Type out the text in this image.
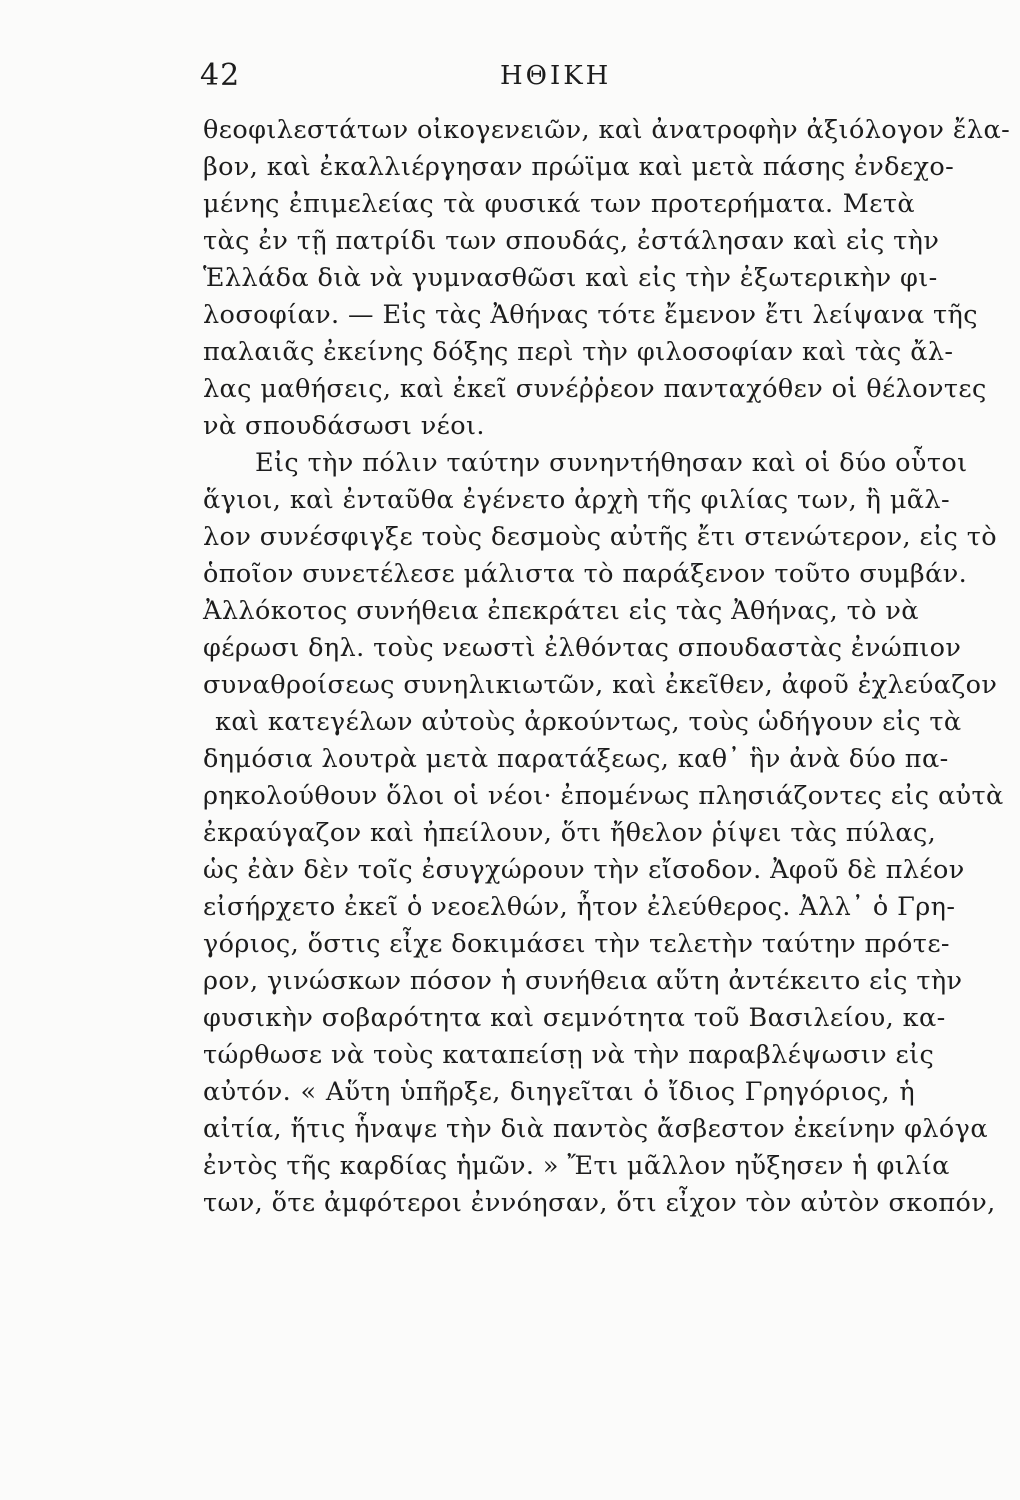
42	ΗΘΙΚΗ
θεοφιλεστάτων οἰκογενειῶν, καὶ ἀνατροφὴν ἀξιόλογον ἔλα-
βον, καὶ ἐκαλλιέργησαν πρώϊμα καὶ μετὰ πάσης ἐνδεχο-
μένης ἐπιμελείας τὰ φυσικά των προτερήματα. Μετὰ
τὰς ἐν τῇ πατρίδι των σπουδάς, ἐστάλησαν καὶ εἰς τὴν
Ἑλλάδα διὰ νὰ γυμνασθῶσι καὶ εἰς τὴν ἐξωτερικὴν φι-
λοσοφίαν. — Εἰς τὰς Ἀθήνας τότε ἔμενον ἔτι λείψανα τῆς
παλαιᾶς ἐκείνης δόξης περὶ τὴν φιλοσοφίαν καὶ τὰς ἄλ-
λας μαθήσεις, καὶ ἐκεῖ συνέῤῥεον πανταχόθεν οἱ θέλοντες
νὰ σπουδάσωσι νέοι.
Εἰς τὴν πόλιν ταύτην συνηντήθησαν καὶ οἱ δύο οὗτοι
ἅγιοι, καὶ ἐνταῦθα ἐγένετο ἀρχὴ τῆς φιλίας των, ἢ μᾶλ-
λον συνέσφιγξε τοὺς δεσμοὺς αὐτῆς ἔτι στενώτερον, εἰς τὸ
ὁποῖον συνετέλεσε μάλιστα τὸ παράξενον τοῦτο συμβάν.
Ἀλλόκοτος συνήθεια ἐπεκράτει εἰς τὰς Ἀθήνας, τὸ νὰ
φέρωσι δηλ. τοὺς νεωστὶ ἐλθόντας σπουδαστὰς ἐνώπιον
συναθροίσεως συνηλικιωτῶν, καὶ ἐκεῖθεν, ἀφοῦ ἐχλεύαζον
καὶ κατεγέλων αὐτοὺς ἀρκούντως, τοὺς ὡδήγουν εἰς τὰ
δημόσια λουτρὰ μετὰ παρατάξεως, καθ᾽ ἣν ἀνὰ δύο πα-
ρηκολούθουν ὅλοι οἱ νέοι· ἐπομένως πλησιάζοντες εἰς αὐτὰ
ἐκραύγαζον καὶ ἠπείλουν, ὅτι ἤθελον ῥίψει τὰς πύλας,
ὡς ἐὰν δὲν τοῖς ἐσυγχώρουν τὴν εἴσοδον. Ἀφοῦ δὲ πλέον
εἰσήρχετο ἐκεῖ ὁ νεοελθών, ἦτον ἐλεύθερος. Ἀλλ᾽ ὁ Γρη-
γόριος, ὅστις εἶχε δοκιμάσει τὴν τελετὴν ταύτην πρότε-
ρον, γινώσκων πόσον ἡ συνήθεια αὕτη ἀντέκειτο εἰς τὴν
φυσικὴν σοβαρότητα καὶ σεμνότητα τοῦ Βασιλείου, κα-
τώρθωσε νὰ τοὺς καταπείσῃ νὰ τὴν παραβλέψωσιν εἰς
αὐτόν. « Αὕτη ὑπῆρξε, διηγεῖται ὁ ἴδιος Γρηγόριος, ἡ
αἰτία, ἥτις ἧναψε τὴν διὰ παντὸς ἄσβεστον ἐκείνην φλόγα
ἐντὸς τῆς καρδίας ἡμῶν. » Ἔτι μᾶλλον ηὔξησεν ἡ φιλία
των, ὅτε ἀμφότεροι ἐννόησαν, ὅτι εἶχον τὸν αὐτὸν σκοπόν,
